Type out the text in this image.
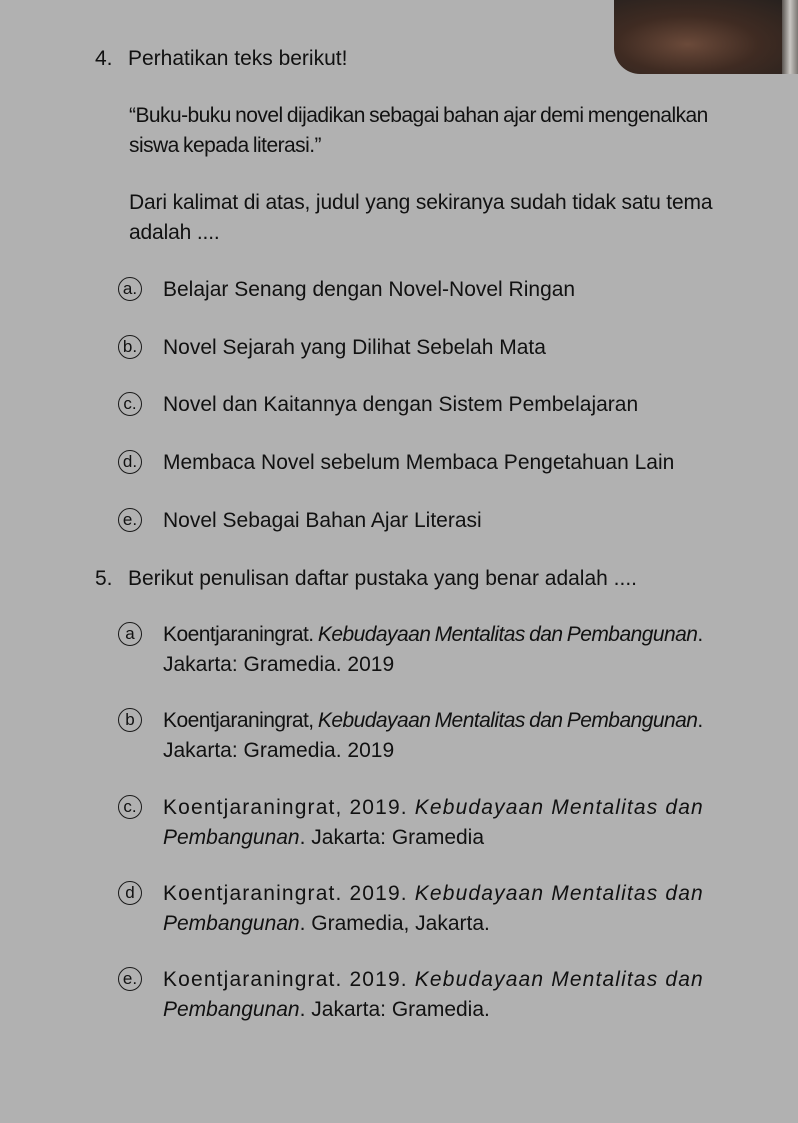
4. Perhatikan teks berikut!
“Buku-buku novel dijadikan sebagai bahan ajar demi mengenalkan
siswa kepada literasi.”
Dari kalimat di atas, judul yang sekiranya sudah tidak satu tema
adalah ....
a. Belajar Senang dengan Novel-Novel Ringan
b. Novel Sejarah yang Dilihat Sebelah Mata
c. Novel dan Kaitannya dengan Sistem Pembelajaran
d. Membaca Novel sebelum Membaca Pengetahuan Lain
e. Novel Sebagai Bahan Ajar Literasi
5. Berikut penulisan daftar pustaka yang benar adalah ....
a	Koentjaraningrat. Kebudayaan Mentalitas dan Pembangunan.
Jakarta: Gramedia. 2019
b	Koentjaraningrat, Kebudayaan Mentalitas dan Pembangunan.
Jakarta: Gramedia. 2019
c. Koentjaraningrat, 2019. Kebudayaan Mentalitas dan
Pembangunan. Jakarta: Gramedia
d	Koentjaraningrat. 2019. Kebudayaan Mentalitas dan
Pembangunan. Gramedia, Jakarta.
e. Koentjaraningrat. 2019. Kebudayaan Mentalitas dan
Pembangunan. Jakarta: Gramedia.
